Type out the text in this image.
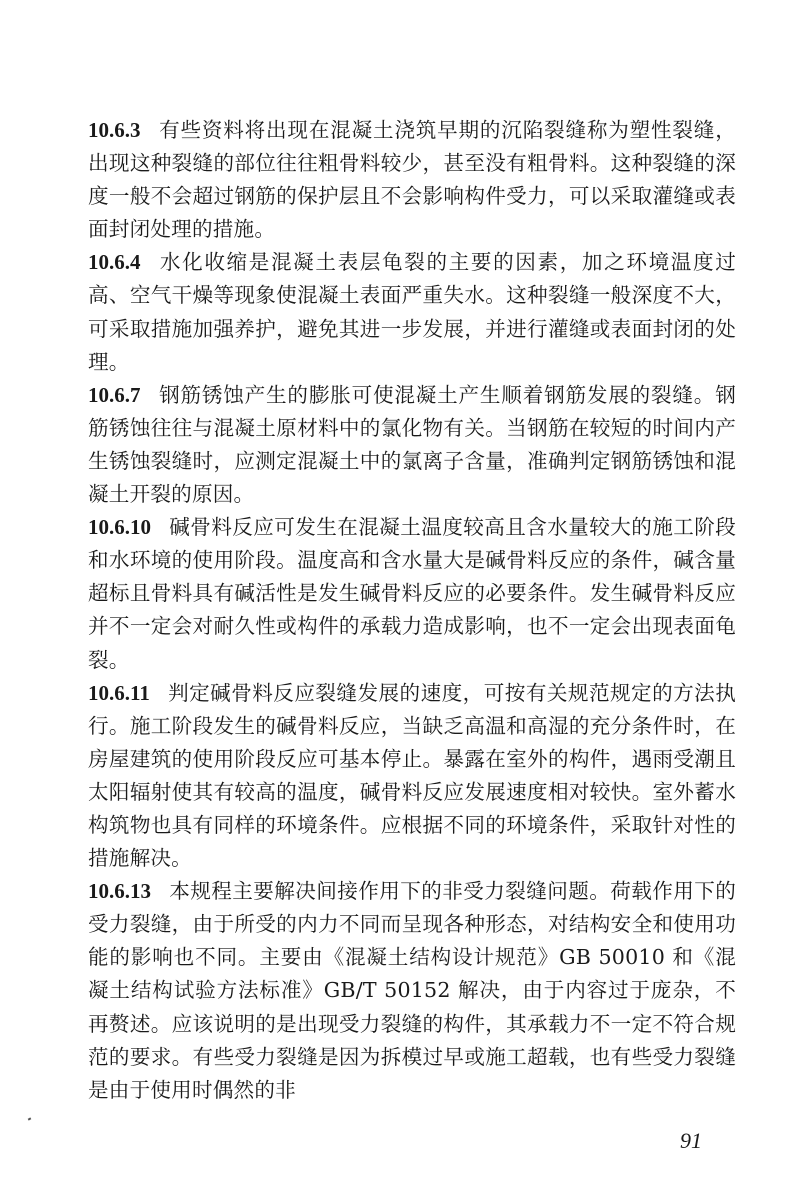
10.6.3 有些资料将出现在混凝土浇筑早期的沉陷裂缝称为塑性裂缝，出现这种裂缝的部位往往粗骨料较少，甚至没有粗骨料。这种裂缝的深度一般不会超过钢筋的保护层且不会影响构件受力，可以采取灌缝或表面封闭处理的措施。

10.6.4 水化收缩是混凝土表层龟裂的主要的因素，加之环境温度过高、空气干燥等现象使混凝土表面严重失水。这种裂缝一般深度不大，可采取措施加强养护，避免其进一步发展，并进行灌缝或表面封闭的处理。

10.6.7 钢筋锈蚀产生的膨胀可使混凝土产生顺着钢筋发展的裂缝。钢筋锈蚀往往与混凝土原材料中的氯化物有关。当钢筋在较短的时间内产生锈蚀裂缝时，应测定混凝土中的氯离子含量，准确判定钢筋锈蚀和混凝土开裂的原因。

10.6.10 碱骨料反应可发生在混凝土温度较高且含水量较大的施工阶段和水环境的使用阶段。温度高和含水量大是碱骨料反应的条件，碱含量超标且骨料具有碱活性是发生碱骨料反应的必要条件。发生碱骨料反应并不一定会对耐久性或构件的承载力造成影响，也不一定会出现表面龟裂。

10.6.11 判定碱骨料反应裂缝发展的速度，可按有关规范规定的方法执行。施工阶段发生的碱骨料反应，当缺乏高温和高湿的充分条件时，在房屋建筑的使用阶段反应可基本停止。暴露在室外的构件，遇雨受潮且太阳辐射使其有较高的温度，碱骨料反应发展速度相对较快。室外蓄水构筑物也具有同样的环境条件。应根据不同的环境条件，采取针对性的措施解决。

10.6.13 本规程主要解决间接作用下的非受力裂缝问题。荷载作用下的受力裂缝，由于所受的内力不同而呈现各种形态，对结构安全和使用功能的影响也不同。主要由《混凝土结构设计规范》GB 50010 和《混凝土结构试验方法标准》GB/T 50152 解决，由于内容过于庞杂，不再赘述。应该说明的是出现受力裂缝的构件，其承载力不一定不符合规范的要求。有些受力裂缝是因为拆模过早或施工超载，也有些受力裂缝是由于使用时偶然的非

91
